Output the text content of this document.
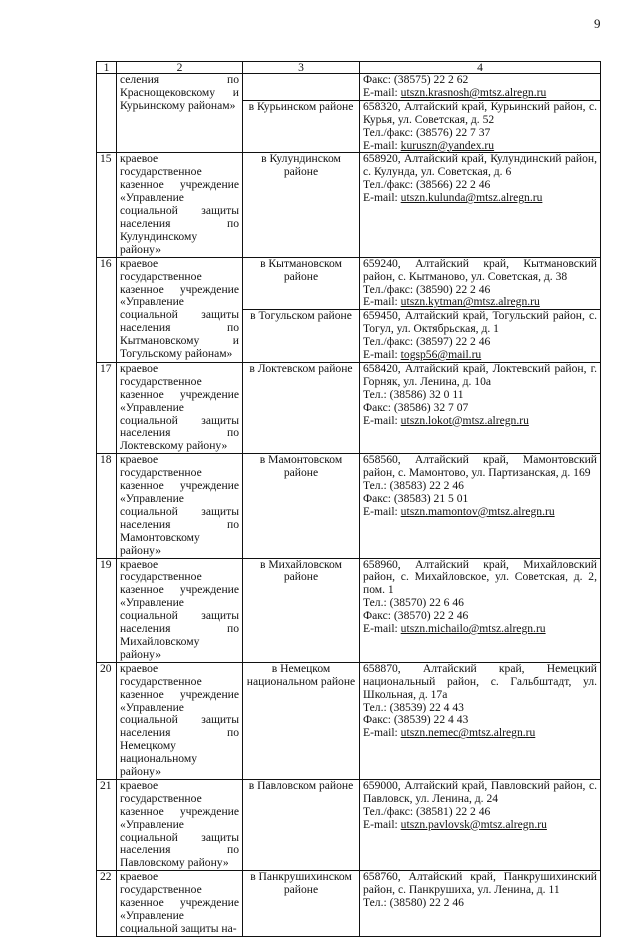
9
1	2	3	4
	селения по Краснощековскому и Курьинскому районам»		Факс: (38575) 22 2 62
E-mail: utszn.krasnosh@mtsz.alregn.ru

		в Курьинском районе	658320, Алтайский край, Курьинский район, с. Курья, ул. Советская, д. 52
Тел./факс: (38576) 22 7 37
E-mail: kuruszn@yandex.ru

15	краевое государственное казенное учреждение «Управление социальной защиты населения по Кулундинскому району»	в Кулундинском районе	658920, Алтайский край, Кулундинский район, с. Кулунда, ул. Советская, д. 6
Тел./факс: (38566) 22 2 46
E-mail: utszn.kulunda@mtsz.alregn.ru

16	краевое государственное казенное учреждение «Управление социальной защиты населения по Кытмановскому и Тогульскому районам»	в Кытмановском районе	659240, Алтайский край, Кытмановский район, с. Кытманово, ул. Советская, д. 38
Тел./факс: (38590) 22 2 46
E-mail: utszn.kytman@mtsz.alregn.ru

		в Тогульском районе	659450, Алтайский край, Тогульский район, с. Тогул, ул. Октябрьская, д. 1
Тел./факс: (38597) 22 2 46
E-mail: togsp56@mail.ru

17	краевое государственное казенное учреждение «Управление социальной защиты населения по Локтевскому району»	в Локтевском районе	658420, Алтайский край, Локтевский район, г. Горняк, ул. Ленина, д. 10а
Тел.: (38586) 32 0 11
Факс: (38586) 32 7 07
E-mail: utszn.lokot@mtsz.alregn.ru

18	краевое государственное казенное учреждение «Управление социальной защиты населения по Мамонтовскому району»	в Мамонтовском районе	658560, Алтайский край, Мамонтовский район, с. Мамонтово, ул. Партизанская, д. 169
Тел.: (38583) 22 2 46
Факс: (38583) 21 5 01
E-mail: utszn.mamontov@mtsz.alregn.ru

19	краевое государственное казенное учреждение «Управление социальной защиты населения по Михайловскому району»	в Михайловском районе	658960, Алтайский край, Михайловский район, с. Михайловское, ул. Советская, д. 2, пом. 1
Тел.: (38570) 22 6 46
Факс: (38570) 22 2 46
E-mail: utszn.michailo@mtsz.alregn.ru

20	краевое государственное казенное учреждение «Управление социальной защиты населения по Немецкому национальному району»	в Немецком национальном районе	658870, Алтайский край, Немецкий национальный район, с. Гальбштадт, ул. Школьная, д. 17а
Тел.: (38539) 22 4 43
Факс: (38539) 22 4 43
E-mail: utszn.nemec@mtsz.alregn.ru

21	краевое государственное казенное учреждение «Управление социальной защиты населения по Павловскому району»	в Павловском районе	659000, Алтайский край, Павловский район, с. Павловск, ул. Ленина, д. 24
Тел./факс: (38581) 22 2 46
E-mail: utszn.pavlovsk@mtsz.alregn.ru

22	краевое государственное казенное учреждение «Управление социальной защиты на-	в Панкрушихинском районе	658760, Алтайский край, Панкрушихинский район, с. Панкрушиха, ул. Ленина, д. 11
Тел.: (38580) 22 2 46
